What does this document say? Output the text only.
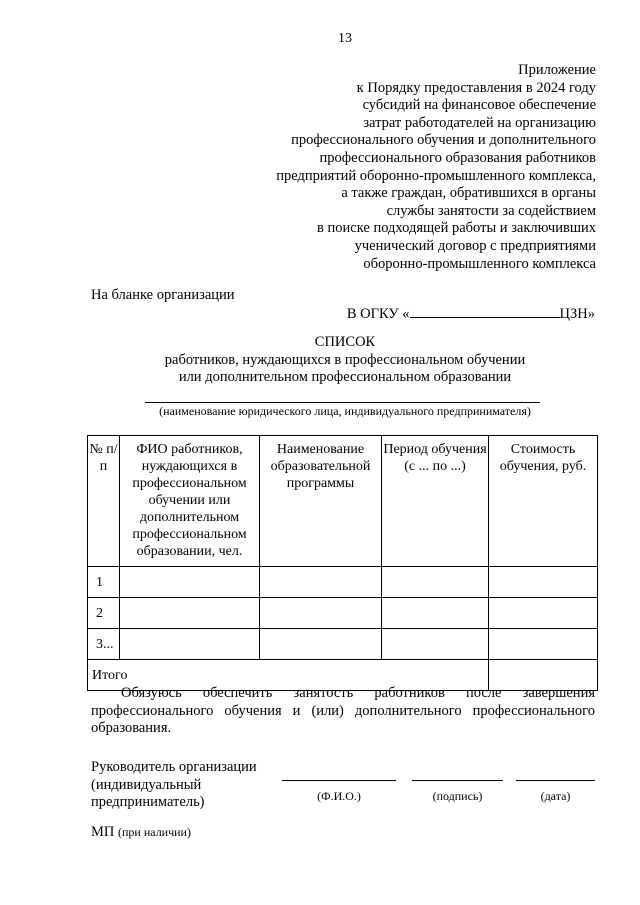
13
Приложение
к Порядку предоставления в 2024 году
субсидий на финансовое обеспечение
затрат работодателей на организацию
профессионального обучения и дополнительного
профессионального образования работников
предприятий оборонно-промышленного комплекса,
а также граждан, обратившихся в органы
службы занятости за содействием
в поиске подходящей работы и заключивших
ученический договор с предприятиями
оборонно-промышленного комплекса
На бланке организации
В ОГКУ «	ЦЗН»
СПИСОК
работников, нуждающихся в профессиональном обучении
или дополнительном профессиональном образовании
(наименование юридического лица, индивидуального предпринимателя)
№ п/п	ФИО работников, нуждающихся в профессиональном обучении или дополнительном профессиональном образовании, чел.	Наименование образовательной программы	Период обучения (с ... по ...)	Стоимость обучения, руб.
1				
2				
3...				
Итого				
Обязуюсь обеспечить занятость работников после завершения профессионального обучения и (или) дополнительного профессионального образования.
Руководитель организации
(индивидуальный
предприниматель)	(Ф.И.О.)	(подпись)	(дата)
МП (при наличии)
